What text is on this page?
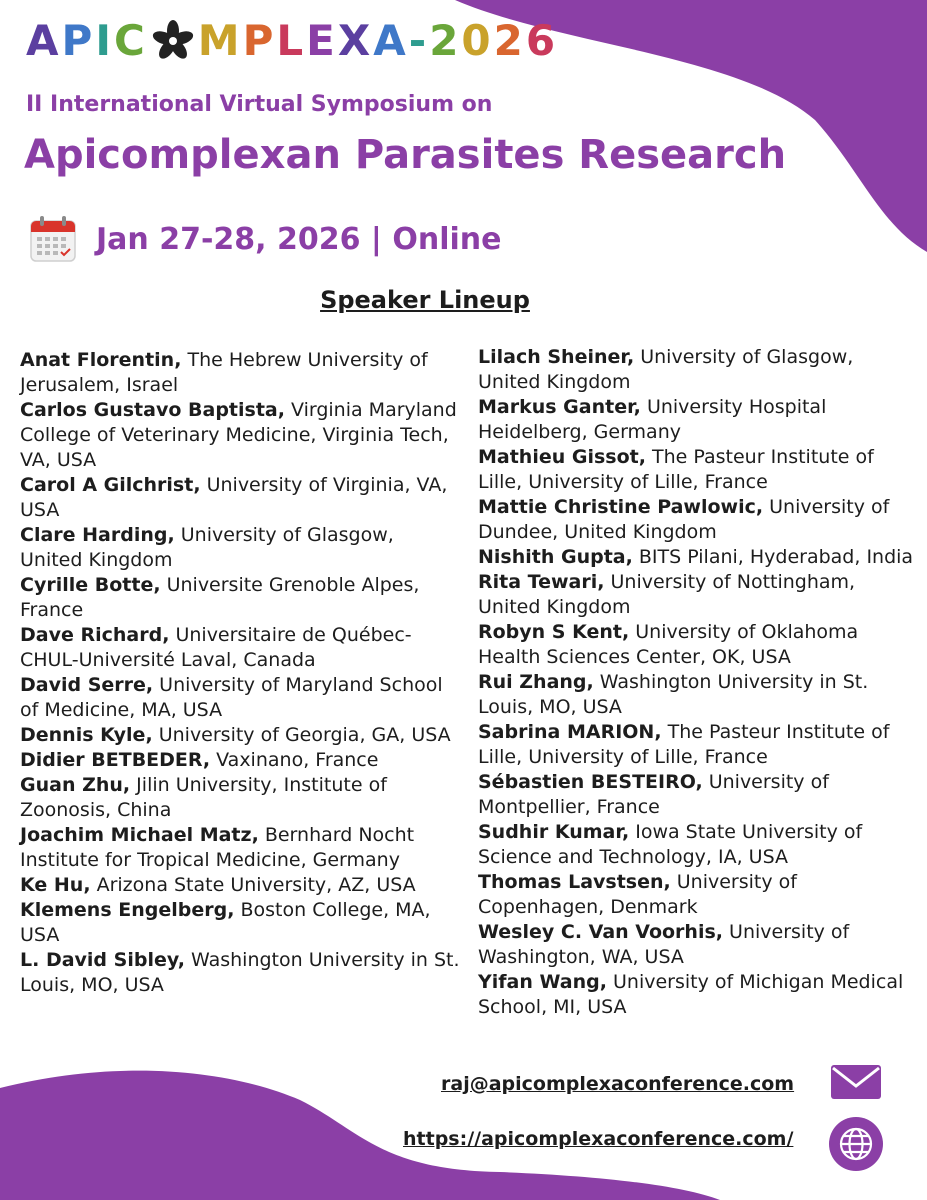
APIC MPLEXA-2026
II International Virtual Symposium on
Apicomplexan Parasites Research
Jan 27-28, 2026 | Online
Speaker Lineup

Anat Florentin, The Hebrew University of Jerusalem, Israel

Carlos Gustavo Baptista, Virginia Maryland College of Veterinary Medicine, Virginia Tech, VA, USA

Carol A Gilchrist, University of Virginia, VA, USA

Clare Harding, University of Glasgow, United Kingdom

Cyrille Botte, Universite Grenoble Alpes, France

Dave Richard, Universitaire de Québec-CHUL-Université Laval, Canada

David Serre, University of Maryland School of Medicine, MA, USA

Dennis Kyle, University of Georgia, GA, USA

Didier BETBEDER, Vaxinano, France

Guan Zhu, Jilin University, Institute of Zoonosis, China

Joachim Michael Matz, Bernhard Nocht Institute for Tropical Medicine, Germany

Ke Hu, Arizona State University, AZ, USA

Klemens Engelberg, Boston College, MA, USA

L. David Sibley, Washington University in St. Louis, MO, USA

Lilach Sheiner, University of Glasgow, United Kingdom

Markus Ganter, University Hospital Heidelberg, Germany

Mathieu Gissot, The Pasteur Institute of Lille, University of Lille, France

Mattie Christine Pawlowic, University of Dundee, United Kingdom

Nishith Gupta, BITS Pilani, Hyderabad, India

Rita Tewari, University of Nottingham, United Kingdom

Robyn S Kent, University of Oklahoma Health Sciences Center, OK, USA

Rui Zhang, Washington University in St. Louis, MO, USA

Sabrina MARION, The Pasteur Institute of Lille, University of Lille, France

Sébastien BESTEIRO, University of Montpellier, France

Sudhir Kumar, Iowa State University of Science and Technology, IA, USA

Thomas Lavstsen, University of Copenhagen, Denmark

Wesley C. Van Voorhis, University of Washington, WA, USA

Yifan Wang, University of Michigan Medical School, MI, USA

raj@apicomplexaconference.com
https://apicomplexaconference.com/
